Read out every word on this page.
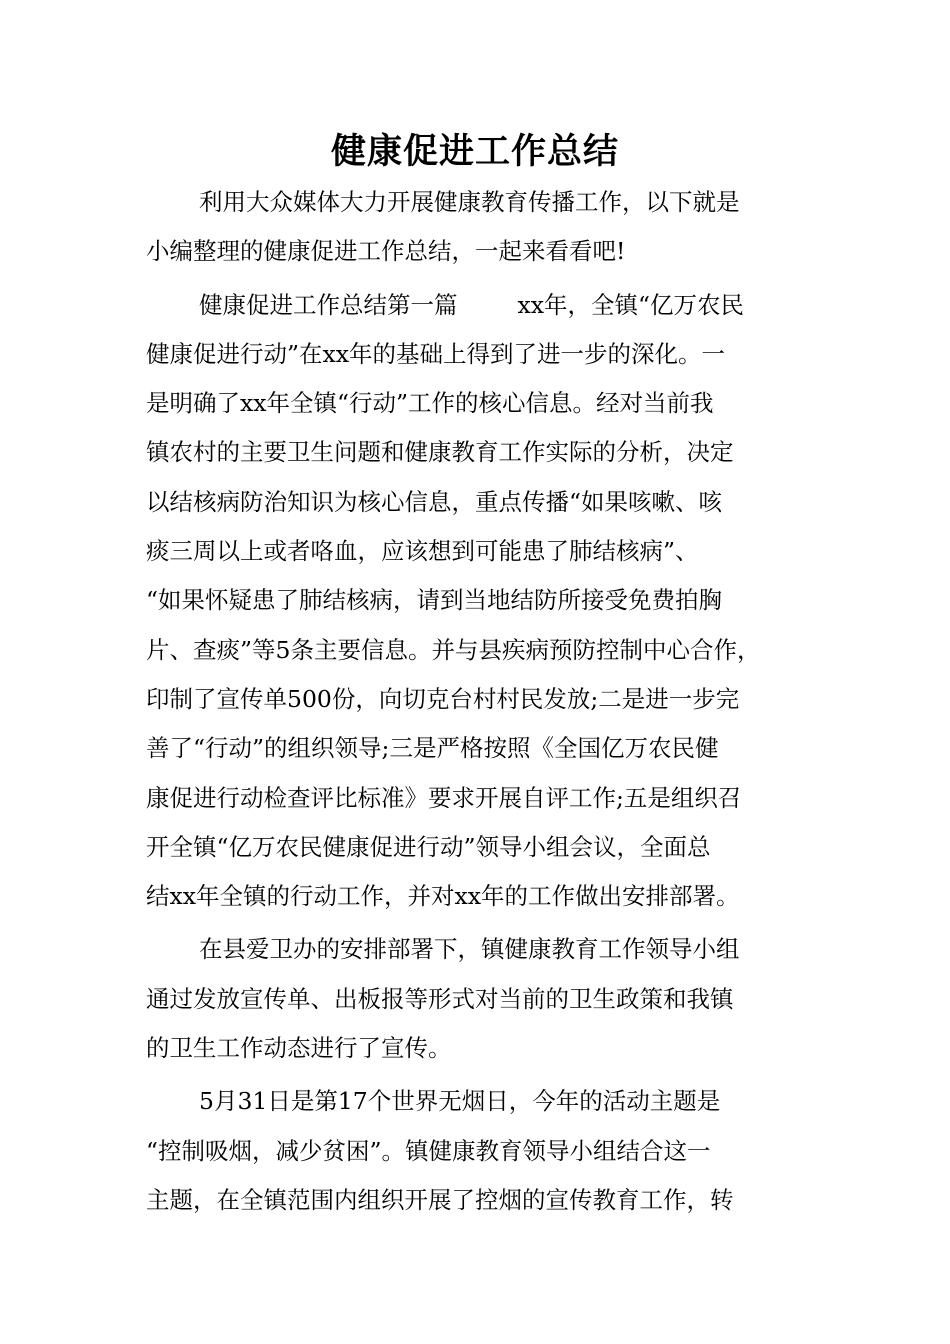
健康促进工作总结
利用大众媒体大力开展健康教育传播工作，以下就是
小编整理的健康促进工作总结，一起来看看吧!
健康促进工作总结第一篇	xx年，全镇“亿万农民
健康促进行动”在xx年的基础上得到了进一步的深化。一
是明确了xx年全镇“行动”工作的核心信息。经对当前我
镇农村的主要卫生问题和健康教育工作实际的分析，决定
以结核病防治知识为核心信息，重点传播“如果咳嗽、咳
痰三周以上或者咯血，应该想到可能患了肺结核病”、
“如果怀疑患了肺结核病，请到当地结防所接受免费拍胸
片、查痰”等5条主要信息。并与县疾病预防控制中心合作，
印制了宣传单500份，向切克台村村民发放;二是进一步完
善了“行动”的组织领导;三是严格按照《全国亿万农民健
康促进行动检查评比标准》要求开展自评工作;五是组织召
开全镇“亿万农民健康促进行动”领导小组会议，全面总
结xx年全镇的行动工作，并对xx年的工作做出安排部署。
在县爱卫办的安排部署下，镇健康教育工作领导小组
通过发放宣传单、出板报等形式对当前的卫生政策和我镇
的卫生工作动态进行了宣传。
5月31日是第17个世界无烟日，今年的活动主题是
“控制吸烟，减少贫困”。镇健康教育领导小组结合这一
主题，在全镇范围内组织开展了控烟的宣传教育工作，转
